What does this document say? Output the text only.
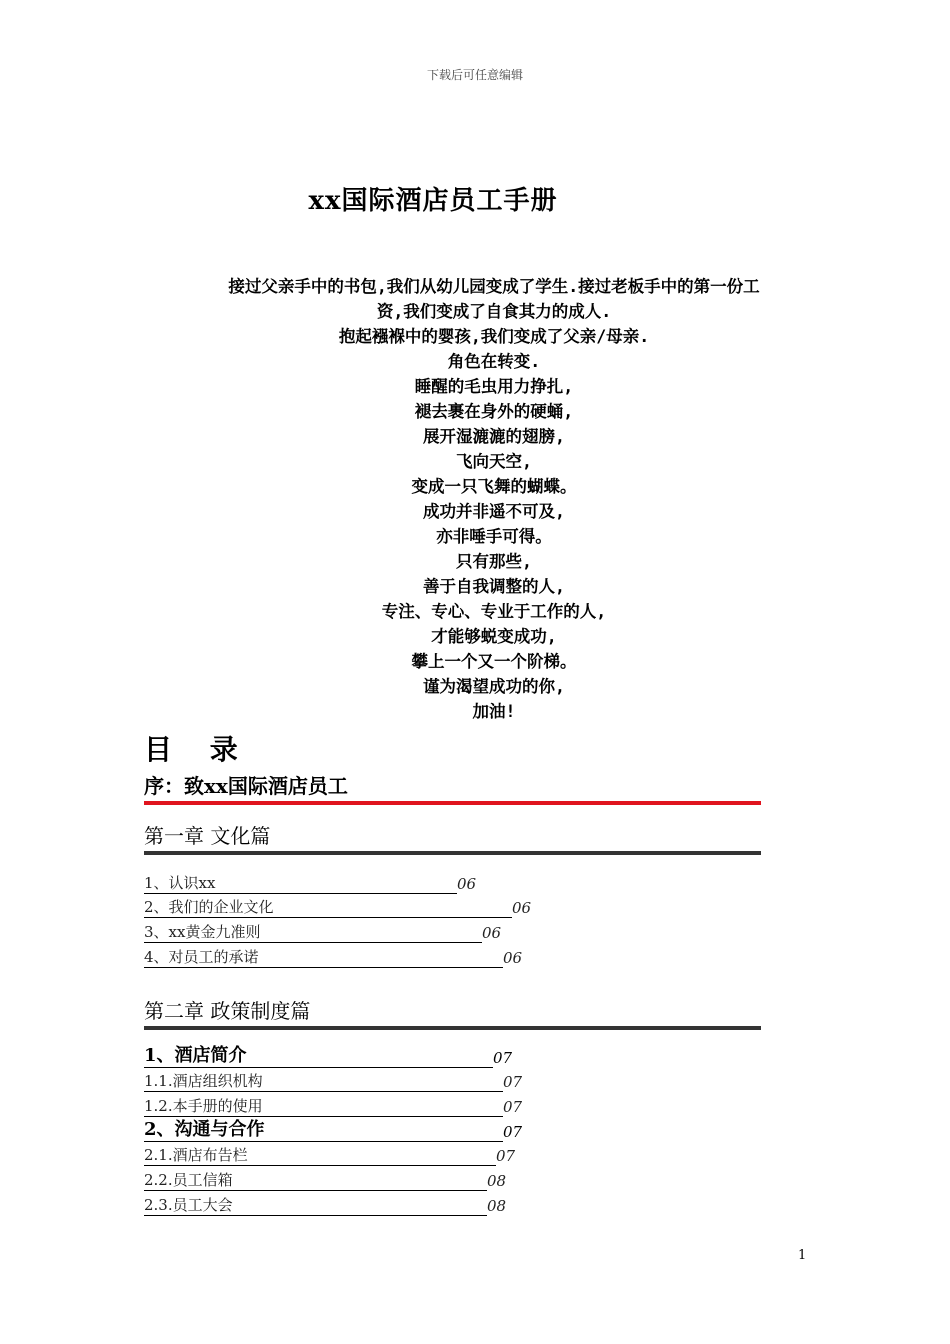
下载后可任意编辑
xx国际酒店员工手册
接过父亲手中的书包,我们从幼儿园变成了学生.接过老板手中的第一份工
资,我们变成了自食其力的成人.
抱起襁褓中的婴孩,我们变成了父亲/母亲.
角色在转变.
睡醒的毛虫用力挣扎,
褪去裹在身外的硬蛹,
展开湿漉漉的翅膀,
飞向天空,
变成一只飞舞的蝴蝶。
成功并非遥不可及,
亦非唾手可得。
只有那些,
善于自我调整的人,
专注、专心、专业于工作的人,
才能够蜕变成功,
攀上一个又一个阶梯。
谨为渴望成功的你,
加油!
目 录
序：致xx国际酒店员工
第一章 文化篇
1、认识xx	06
2、我们的企业文化	06
3、xx黄金九准则	06
4、对员工的承诺	06
第二章 政策制度篇
1、酒店简介	07
1.1.酒店组织机构	07
1.2.本手册的使用	07
2、沟通与合作	07
2.1.酒店布告栏	07
2.2.员工信箱	08
2.3.员工大会	08
1
